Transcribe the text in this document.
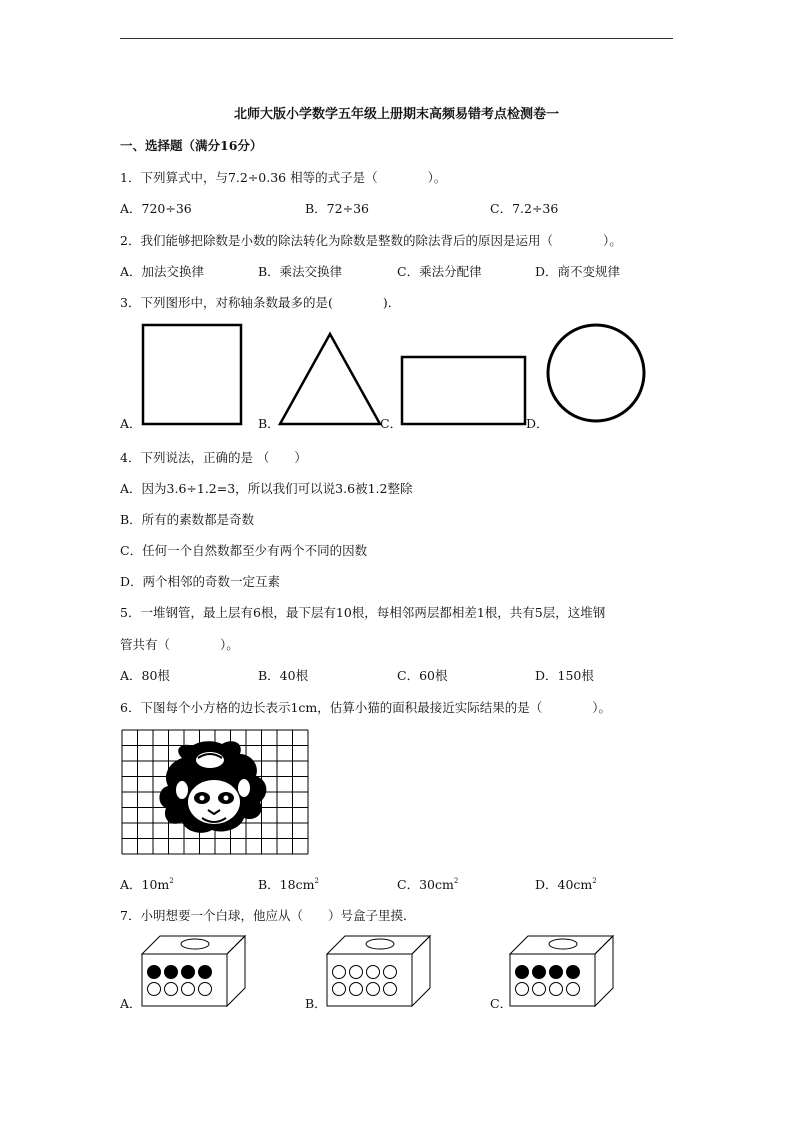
北师大版小学数学五年级上册期末高频易错考点检测卷一
一、选择题（满分16分）
1．下列算式中，与7.2÷0.36 相等的式子是（　　　　）。
A．720÷36	B．72÷36	C．7.2÷36
2．我们能够把除数是小数的除法转化为除数是整数的除法背后的原因是运用（　　　　）。
A．加法交换律	B．乘法交换律	C．乘法分配律	D．商不变规律
3．下列图形中，对称轴条数最多的是(　　　　)．
A．	B．	C．	D．
4．下列说法，正确的是 （　　）
A．因为3.6÷1.2=3，所以我们可以说3.6被1.2整除
B．所有的素数都是奇数
C．任何一个自然数都至少有两个不同的因数
D．两个相邻的奇数一定互素
5．一堆钢管，最上层有6根，最下层有10根，每相邻两层都相差1根，共有5层，这堆钢
管共有（　　　　）。
A．80根	B．40根	C．60根	D．150根
6．下图每个小方格的边长表示1cm，估算小猫的面积最接近实际结果的是（　　　　）。
A．$10m^2$	B．$18cm^2$	C．$30cm^2$	D．$40cm^2$
7．小明想要一个白球，他应从（　　）号盒子里摸．
A．	B．	C．
